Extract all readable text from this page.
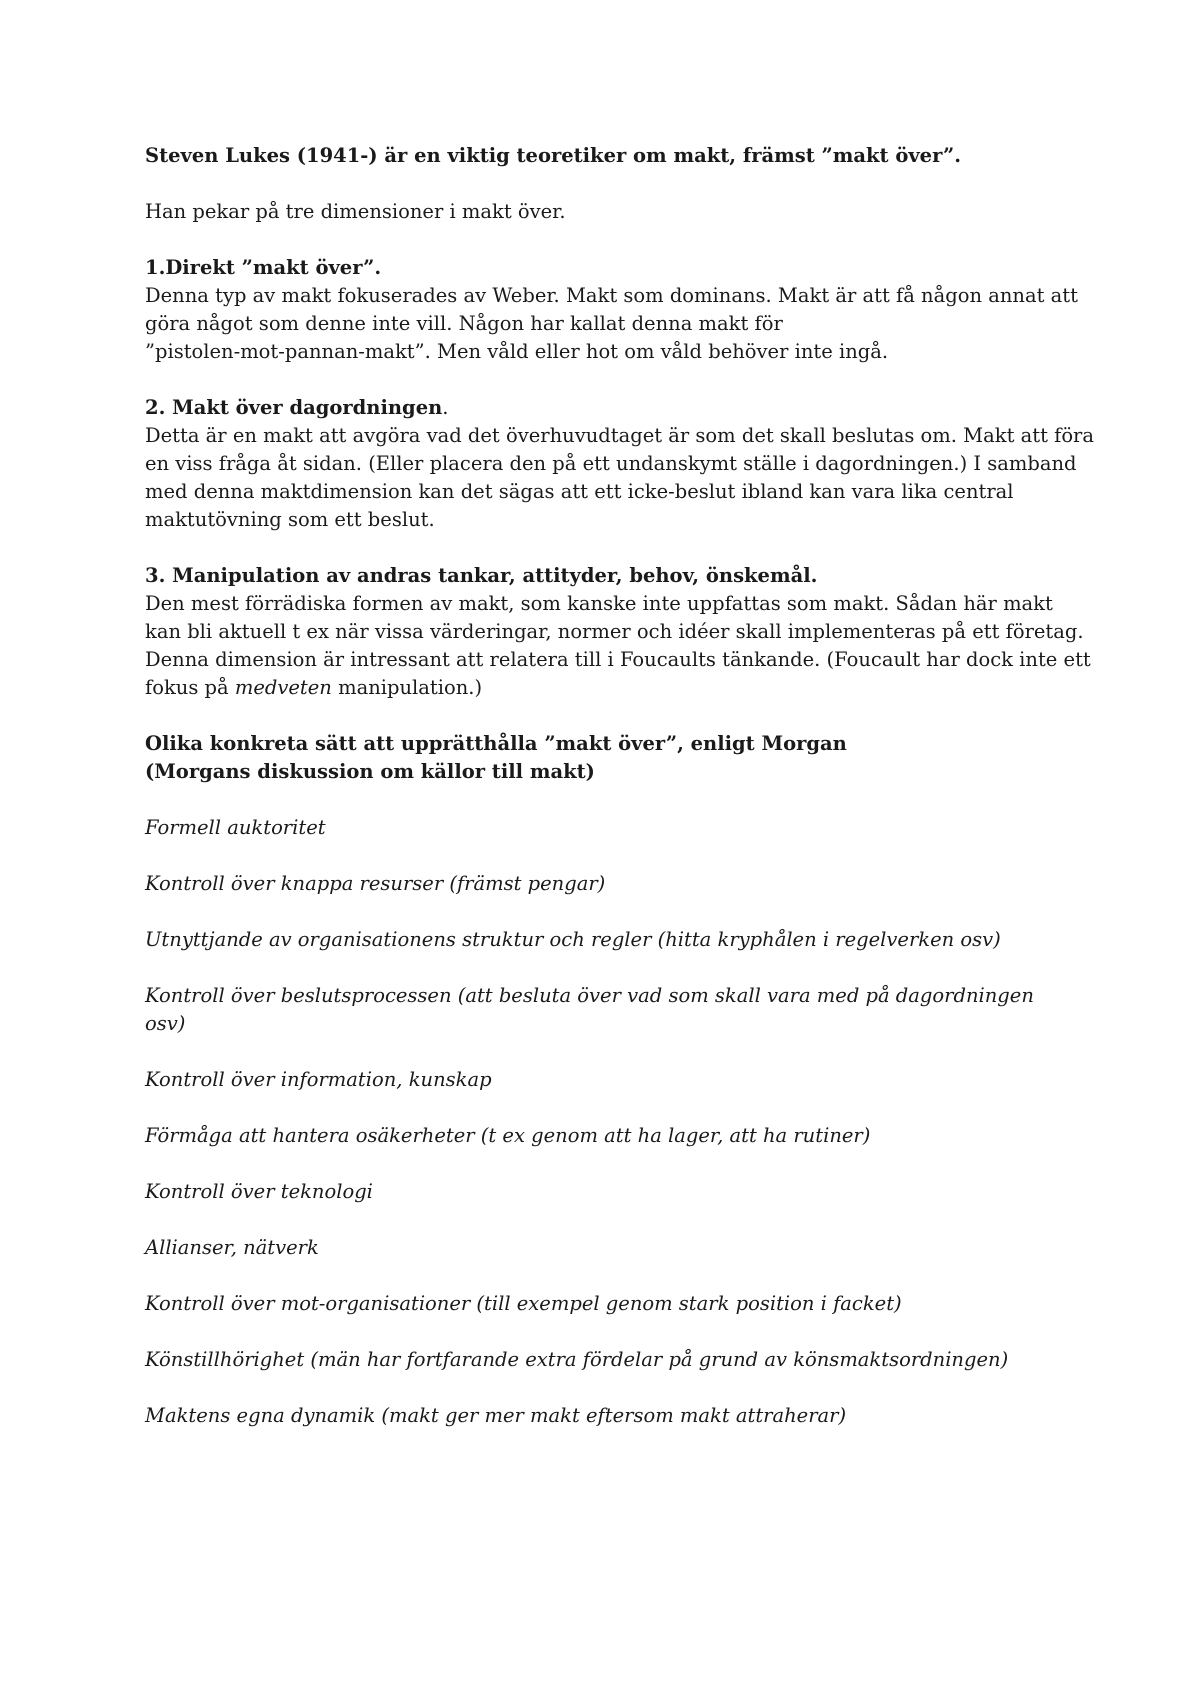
Steven Lukes (1941-) är en viktig teoretiker om makt, främst ”makt över”.

Han pekar på tre dimensioner i makt över.

1.Direkt ”makt över”.
Denna typ av makt fokuserades av Weber. Makt som dominans. Makt är att få någon annat att
göra något som denne inte vill. Någon har kallat denna makt för
”pistolen-mot-pannan-makt”. Men våld eller hot om våld behöver inte ingå.
2. Makt över dagordningen.
Detta är en makt att avgöra vad det överhuvudtaget är som det skall beslutas om. Makt att föra
en viss fråga åt sidan. (Eller placera den på ett undanskymt ställe i dagordningen.) I samband
med denna maktdimension kan det sägas att ett icke-beslut ibland kan vara lika central
maktutövning som ett beslut.
3. Manipulation av andras tankar, attityder, behov, önskemål.
Den mest förrädiska formen av makt, som kanske inte uppfattas som makt. Sådan här makt
kan bli aktuell t ex när vissa värderingar, normer och idéer skall implementeras på ett företag.
Denna dimension är intressant att relatera till i Foucaults tänkande. (Foucault har dock inte ett
fokus på medveten manipulation.)
Olika konkreta sätt att upprätthålla ”makt över”, enligt Morgan
(Morgans diskussion om källor till makt)
Formell auktoritet
Kontroll över knappa resurser (främst pengar)
Utnyttjande av organisationens struktur och regler (hitta kryphålen i regelverken osv)
Kontroll över beslutsprocessen (att besluta över vad som skall vara med på dagordningen
osv)
Kontroll över information, kunskap
Förmåga att hantera osäkerheter (t ex genom att ha lager, att ha rutiner)
Kontroll över teknologi
Allianser, nätverk
Kontroll över mot-organisationer (till exempel genom stark position i facket)
Könstillhörighet (män har fortfarande extra fördelar på grund av könsmaktsordningen)
Maktens egna dynamik (makt ger mer makt eftersom makt attraherar)
